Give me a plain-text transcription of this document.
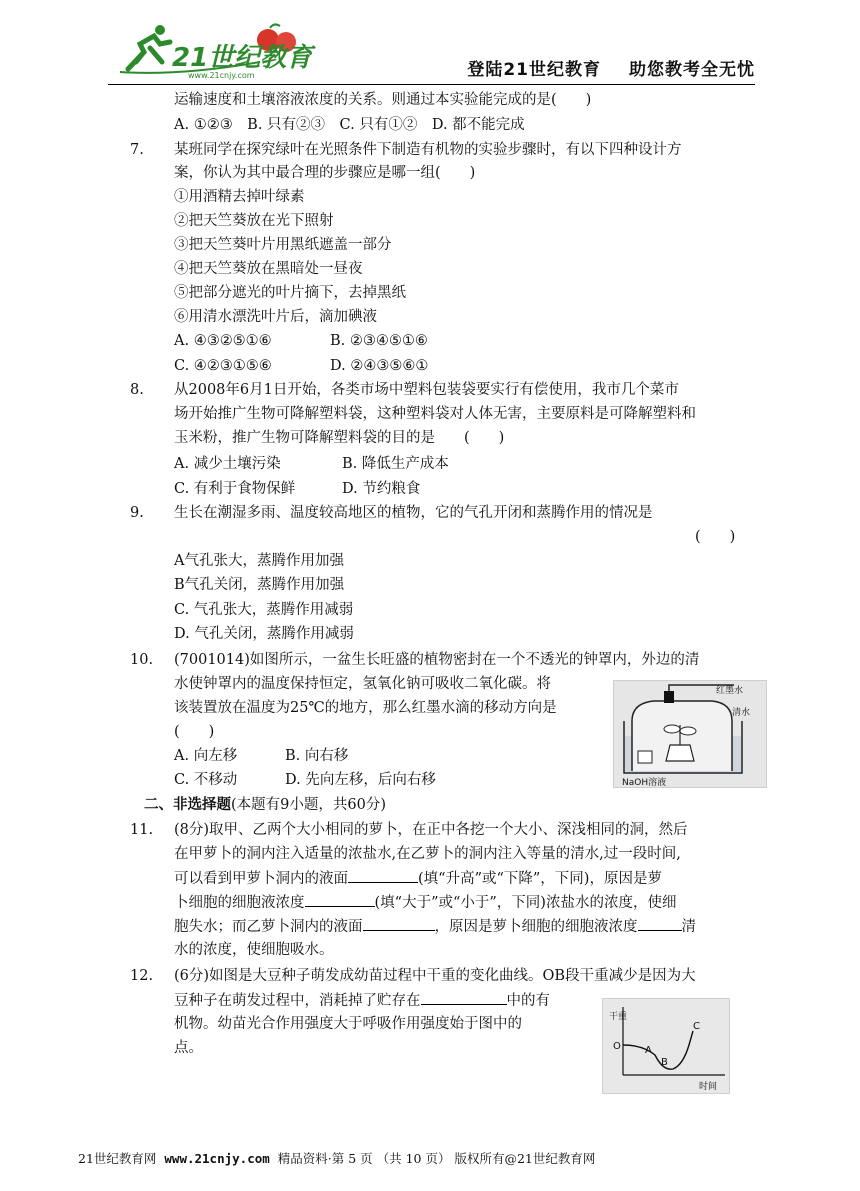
21世纪教育
www.21cnjy.com	登陆21世纪教育 助您教考全无忧
运输速度和土壤溶液浓度的关系。则通过本实验能完成的是(　　)
A. ①②③　B. 只有②③　C. 只有①②　D. 都不能完成
7.	某班同学在探究绿叶在光照条件下制造有机物的实验步骤时，有以下四种设计方
案，你认为其中最合理的步骤应是哪一组(　　)
①用酒精去掉叶绿素
②把天竺葵放在光下照射
③把天竺葵叶片用黑纸遮盖一部分
④把天竺葵放在黑暗处一昼夜
⑤把部分遮光的叶片摘下，去掉黑纸
⑥用清水漂洗叶片后，滴加碘液
A. ④③②⑤①⑥	B. ②③④⑤①⑥
C. ④②③①⑤⑥	D. ②④③⑤⑥①
8.	从2008年6月1日开始，各类市场中塑料包装袋要实行有偿使用，我市几个菜市
场开始推广生物可降解塑料袋，这种塑料袋对人体无害，主要原料是可降解塑料和
玉米粉，推广生物可降解塑料袋的目的是　　(　　)
A. 减少土壤污染	B. 降低生产成本
C. 有利于食物保鲜	D. 节约粮食
9.	生长在潮湿多雨、温度较高地区的植物，它的气孔开闭和蒸腾作用的情况是
(　　)
A气孔张大，蒸腾作用加强
B气孔关闭，蒸腾作用加强
C. 气孔张大，蒸腾作用减弱
D. 气孔关闭，蒸腾作用减弱
10.	(7001014)如图所示，一盆生长旺盛的植物密封在一个不透光的钟罩内，外边的清
水使钟罩内的温度保持恒定，氢氧化钠可吸收二氧化碳。将
该装置放在温度为25℃的地方，那么红墨水滴的移动方向是
(　　)
A. 向左移	B. 向右移
C. 不移动	D. 先向左移，后向右移
二、非选择题(本题有9小题，共60分)
11.	(8分)取甲、乙两个大小相同的萝卜，在正中各挖一个大小、深浅相同的洞，然后
在甲萝卜的洞内注入适量的浓盐水,在乙萝卜的洞内注入等量的清水,过一段时间,
可以看到甲萝卜洞内的液面	(填“升高”或“下降”，下同)，原因是萝
卜细胞的细胞液浓度	(填“大于”或“小于”，下同)浓盐水的浓度，使细
胞失水；而乙萝卜洞内的液面	，原因是萝卜细胞的细胞液浓度	清
水的浓度，使细胞吸水。
12.	(6分)如图是大豆种子萌发成幼苗过程中干重的变化曲线。OB段干重减少是因为大
豆种子在萌发过程中，消耗掉了贮存在	中的有
机物。幼苗光合作用强度大于呼吸作用强度始于图中的
点。
红墨水
清水
NaOH溶液
干重
时间
O A
B
C
21世纪教育网 www.21cnjy.com 精品资料·第 5 页 （共 10 页） 版权所有@21世纪教育网
